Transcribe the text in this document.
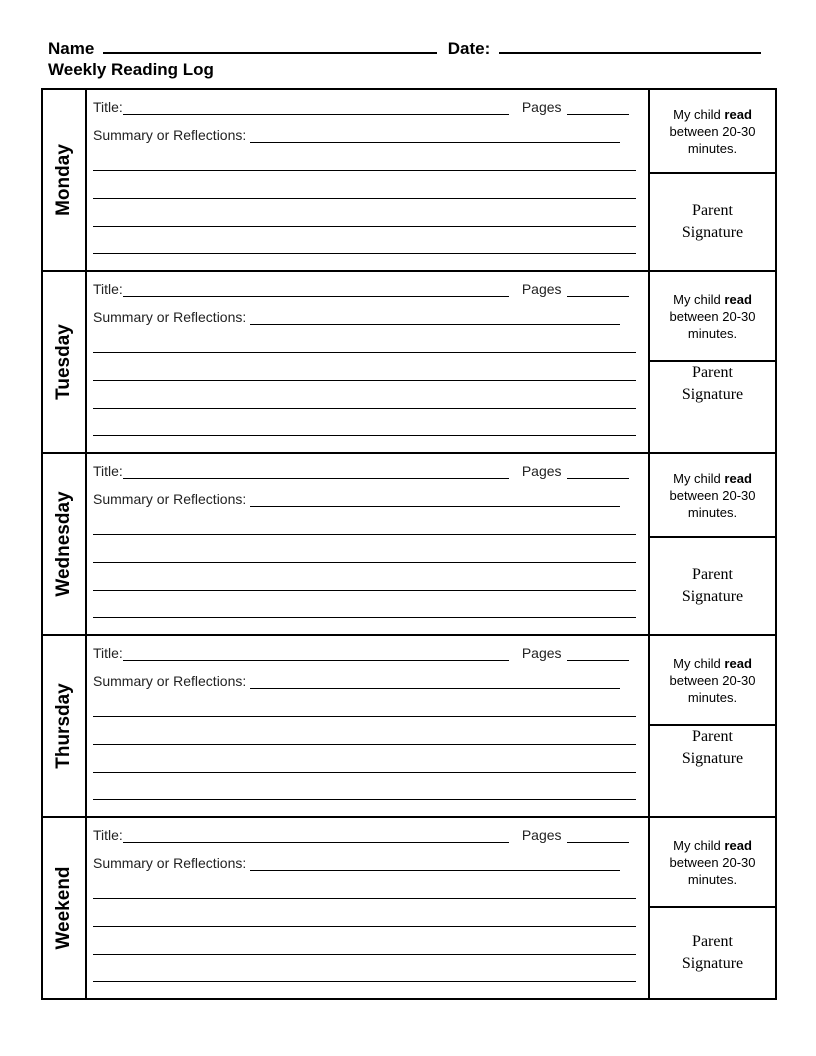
Name	Date:
Weekly Reading Log
Monday
Title:	Pages
Summary or Reflections:
My child read
between 20-30 minutes.
Parent
Signature
Tuesday
Title:	Pages
Summary or Reflections:
My child read
between 20-30 minutes.
Parent
Signature
Wednesday
Title:	Pages
Summary or Reflections:
My child read
between 20-30 minutes.
Parent
Signature
Thursday
Title:	Pages
Summary or Reflections:
My child read
between 20-30 minutes.
Parent
Signature
Weekend
Title:	Pages
Summary or Reflections:
My child read
between 20-30 minutes.
Parent
Signature
